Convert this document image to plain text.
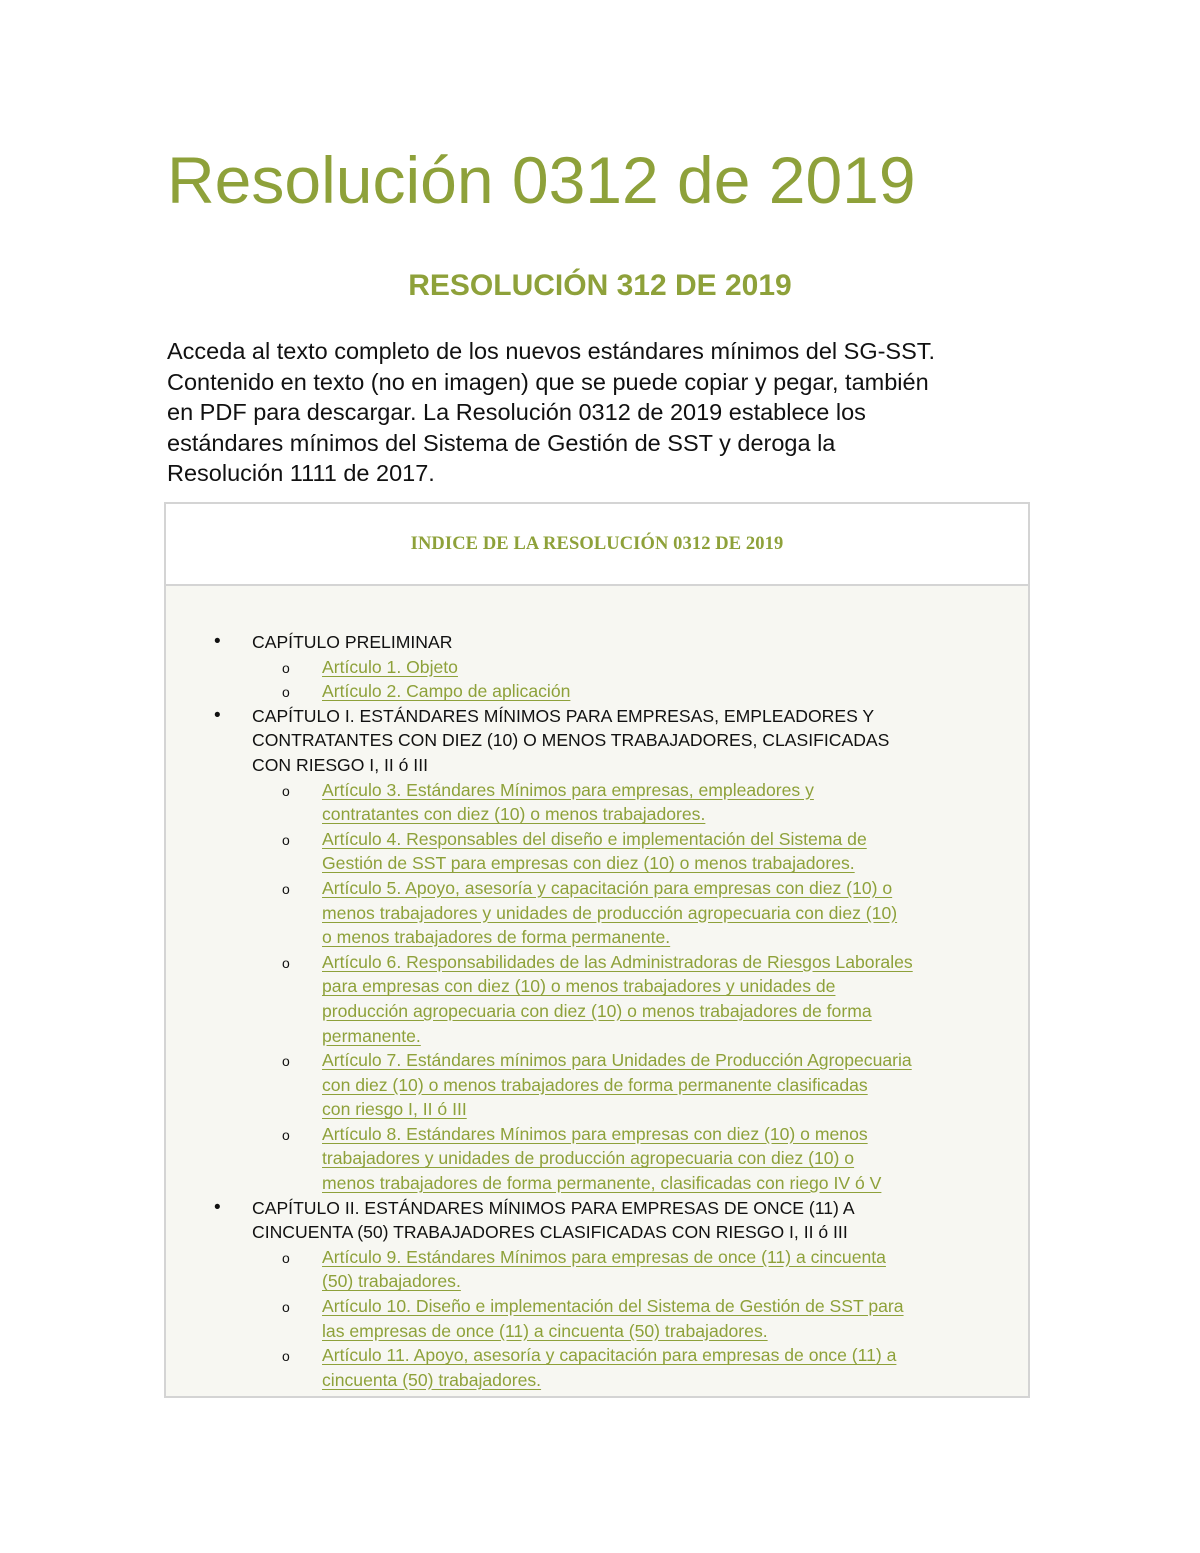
Resolución 0312 de 2019
RESOLUCIÓN 312 DE 2019

Acceda al texto completo de los nuevos estándares mínimos del SG-SST.
Contenido en texto (no en imagen) que se puede copiar y pegar, también
en PDF para descargar. La Resolución 0312 de 2019 establece los
estándares mínimos del Sistema de Gestión de SST y deroga la
Resolución 1111 de 2017.

INDICE DE LA RESOLUCIÓN 0312 DE 2019
• CAPÍTULO PRELIMINAR
o Artículo 1. Objeto
o Artículo 2. Campo de aplicación
• CAPÍTULO I. ESTÁNDARES MÍNIMOS PARA EMPRESAS, EMPLEADORES Y
CONTRATANTES CON DIEZ (10) O MENOS TRABAJADORES, CLASIFICADAS
CON RIESGO I, II ó III
o Artículo 3. Estándares Mínimos para empresas, empleadores y
contratantes con diez (10) o menos trabajadores.
o Artículo 4. Responsables del diseño e implementación del Sistema de
Gestión de SST para empresas con diez (10) o menos trabajadores.
o Artículo 5. Apoyo, asesoría y capacitación para empresas con diez (10) o
menos trabajadores y unidades de producción agropecuaria con diez (10)
o menos trabajadores de forma permanente.
o Artículo 6. Responsabilidades de las Administradoras de Riesgos Laborales
para empresas con diez (10) o menos trabajadores y unidades de
producción agropecuaria con diez (10) o menos trabajadores de forma
permanente.
o Artículo 7. Estándares mínimos para Unidades de Producción Agropecuaria
con diez (10) o menos trabajadores de forma permanente clasificadas
con riesgo I, II ó III
o Artículo 8. Estándares Mínimos para empresas con diez (10) o menos
trabajadores y unidades de producción agropecuaria con diez (10) o
menos trabajadores de forma permanente, clasificadas con riego IV ó V
• CAPÍTULO II. ESTÁNDARES MÍNIMOS PARA EMPRESAS DE ONCE (11) A
CINCUENTA (50) TRABAJADORES CLASIFICADAS CON RIESGO I, II ó III
o Artículo 9. Estándares Mínimos para empresas de once (11) a cincuenta
(50) trabajadores.
o Artículo 10. Diseño e implementación del Sistema de Gestión de SST para
las empresas de once (11) a cincuenta (50) trabajadores.
o Artículo 11. Apoyo, asesoría y capacitación para empresas de once (11) a
cincuenta (50) trabajadores.
